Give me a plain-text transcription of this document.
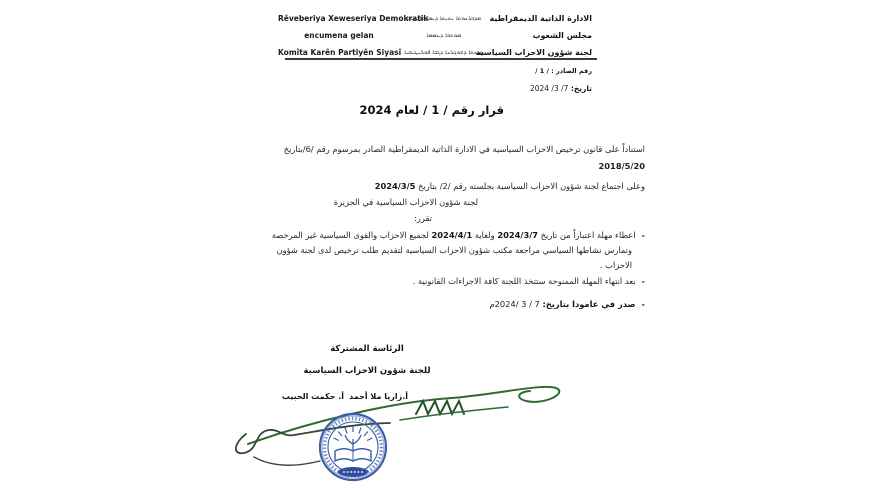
Rêveberiya Xeweseriya Demokratik
encumena gelan
Komîta Karên Partiyên Siyasî
ܡܕܒܪܢܘܬܐ ܝܬܝܬܐ ܕܝܡܘܩܪܛܝܬܐ
ܡܘܬܒܐ ܕܥܡܡܐ
ܣܝܥܬܐ ܕܫܘܓܠܢܐ ܕܓܒܐ ܦܘܠܝܛܝܩܝܐ
الادارة الذاتية الديمقراطية
مجلس الشعوب
لجنة شؤون الاحزاب السياسية
رقم الصادر : / 1 /
تاريخ: 7/ 3/ 2024
قرار رقم / 1 / لعام 2024
استناداً على قانون ترخيص الاحزاب السياسية في الادارة الذاتية الديمقراطية الصادر بمرسوم رقم /6/بتاريخ
2018/5/20
وعلى اجتماع لجنة شؤون الاحزاب السياسية بجلسته رقم /2/ بتاريخ 2024/3/5
لجنة شؤون الاحزاب السياسية في الجزيرة
تقرر:
-اعطاء مهلة اعتباراً من تاريخ 2024/3/7 ولغاية 2024/4/1 لجميع الاحزاب والقوى السياسية غير المرخصة
وتمارس نشاطها السياسي مراجعة مكتب شؤون الاحزاب السياسية لتقديم طلب ترخيص لدى لجنة شؤون
الاحزاب .
-بعد انتهاء المهلة الممنوحة ستتخذ اللجنة كافة الاجراءات القانونية .
-صدر في عامودا بتاريخ: 7 / 3 /2024م
الرئاسة المشتركة
للجنة شؤون الاحزاب السياسية
أ.زاريا ملا أحمد
أ. حكمت الحبيب
